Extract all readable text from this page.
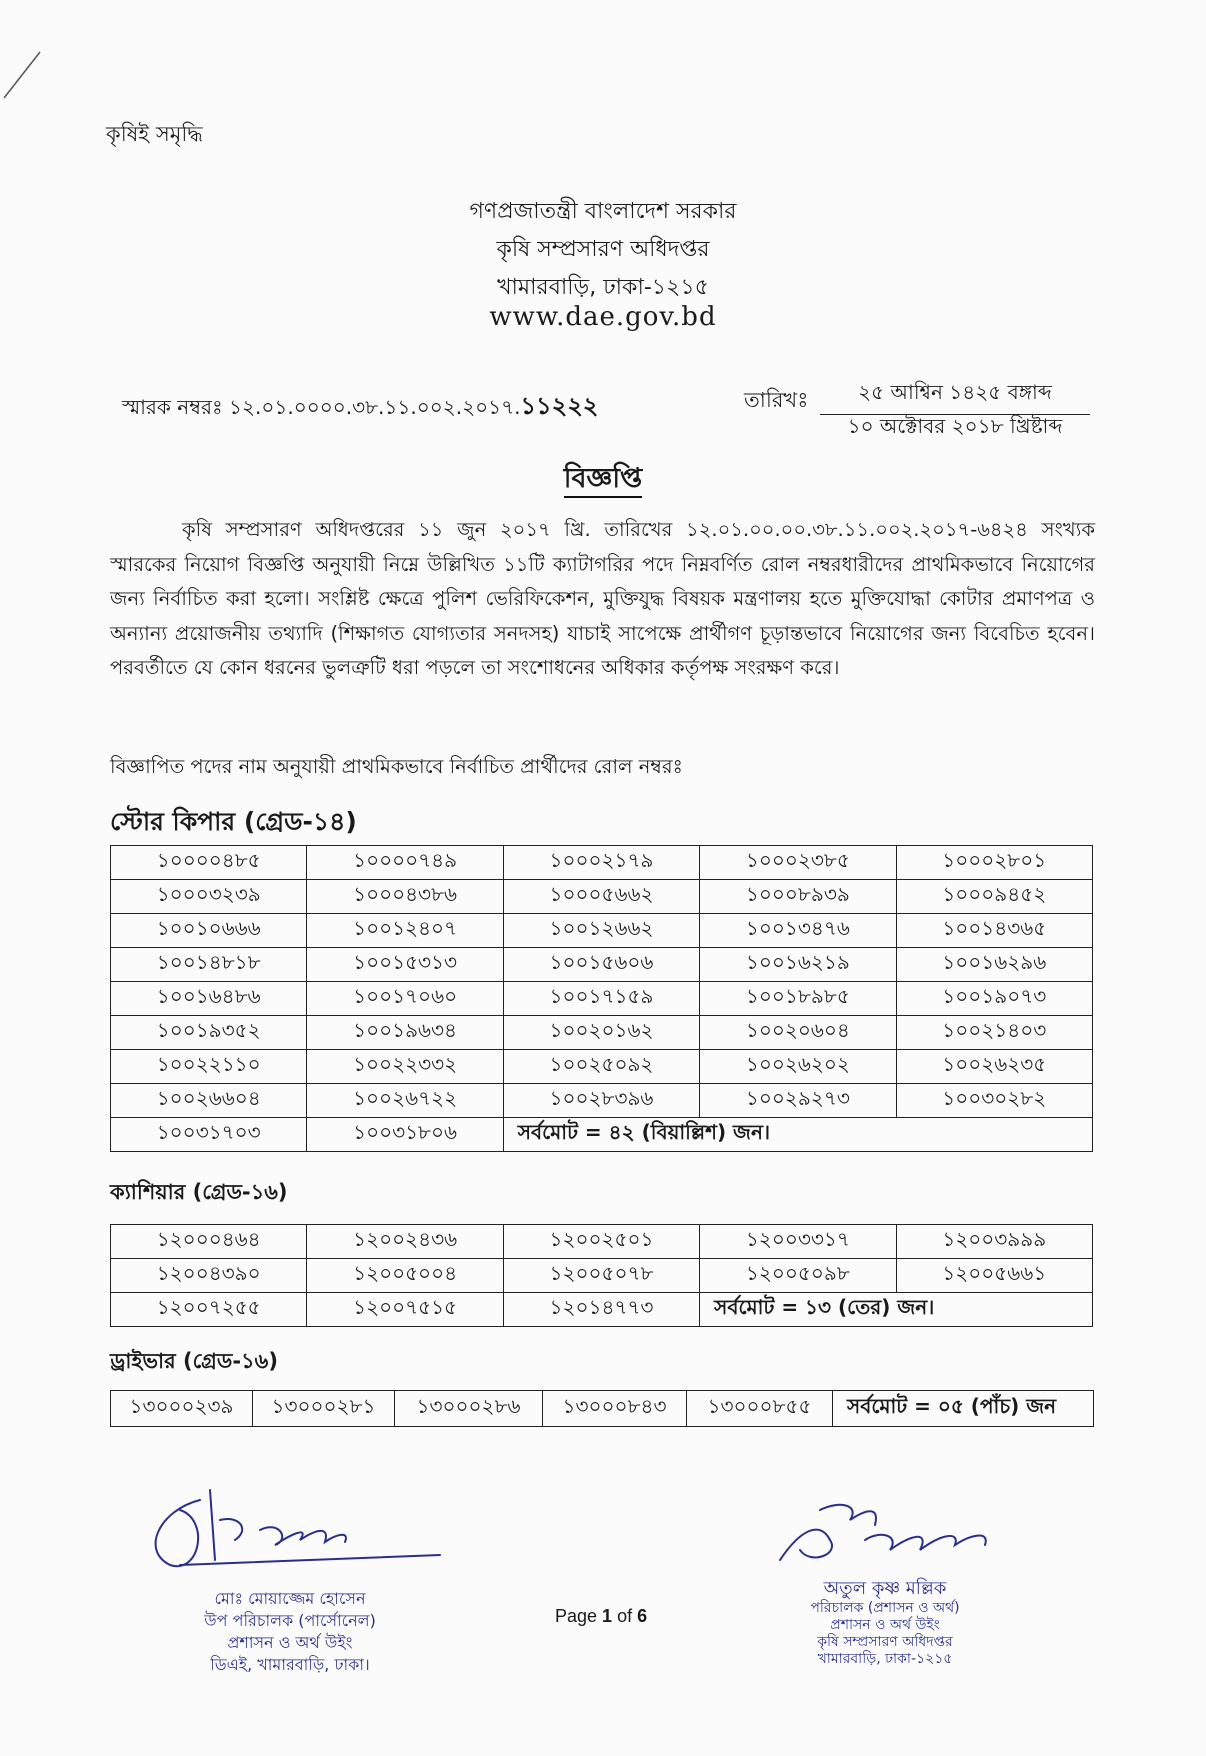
কৃষিই সমৃদ্ধি
গণপ্রজাতন্ত্রী বাংলাদেশ সরকার
কৃষি সম্প্রসারণ অধিদপ্তর
খামারবাড়ি, ঢাকা-১২১৫
www.dae.gov.bd
স্মারক নম্বরঃ ১২.০১.০০০০.৩৮.১১.০০২.২০১৭.১১২২২	তারিখঃ	২৫ আশ্বিন ১৪২৫ বঙ্গাব্দ
১০ অক্টোবর ২০১৮ খ্রিষ্টাব্দ
বিজ্ঞপ্তি
কৃষি সম্প্রসারণ অধিদপ্তরের ১১ জুন ২০১৭ খ্রি. তারিখের ১২.০১.০০.০০.৩৮.১১.০০২.২০১৭-৬৪২৪ সংখ্যক স্মারকের নিয়োগ বিজ্ঞপ্তি অনুযায়ী নিম্নে উল্লিখিত ১১টি ক্যাটাগরির পদে নিম্নবর্ণিত রোল নম্বরধারীদের প্রাথমিকভাবে নিয়োগের জন্য নির্বাচিত করা হলো। সংশ্লিষ্ট ক্ষেত্রে পুলিশ ভেরিফিকেশন, মুক্তিযুদ্ধ বিষয়ক মন্ত্রণালয় হতে মুক্তিযোদ্ধা কোটার প্রমাণপত্র ও অন্যান্য প্রয়োজনীয় তথ্যাদি (শিক্ষাগত যোগ্যতার সনদসহ) যাচাই সাপেক্ষে প্রার্থীগণ চূড়ান্তভাবে নিয়োগের জন্য বিবেচিত হবেন। পরবর্তীতে যে কোন ধরনের ভুলত্রুটি ধরা পড়লে তা সংশোধনের অধিকার কর্তৃপক্ষ সংরক্ষণ করে।
বিজ্ঞাপিত পদের নাম অনুযায়ী প্রাথমিকভাবে নির্বাচিত প্রার্থীদের রোল নম্বরঃ
স্টোর কিপার (গ্রেড-১৪)
১০০০০৪৮৫	১০০০০৭৪৯	১০০০২১৭৯	১০০০২৩৮৫	১০০০২৮০১
১০০০৩২৩৯	১০০০৪৩৮৬	১০০০৫৬৬২	১০০০৮৯৩৯	১০০০৯৪৫২
১০০১০৬৬৬	১০০১২৪০৭	১০০১২৬৬২	১০০১৩৪৭৬	১০০১৪৩৬৫
১০০১৪৮১৮	১০০১৫৩১৩	১০০১৫৬০৬	১০০১৬২১৯	১০০১৬২৯৬
১০০১৬৪৮৬	১০০১৭০৬০	১০০১৭১৫৯	১০০১৮৯৮৫	১০০১৯০৭৩
১০০১৯৩৫২	১০০১৯৬৩৪	১০০২০১৬২	১০০২০৬০৪	১০০২১৪০৩
১০০২২১১০	১০০২২৩৩২	১০০২৫০৯২	১০০২৬২০২	১০০২৬২৩৫
১০০২৬৬০৪	১০০২৬৭২২	১০০২৮৩৯৬	১০০২৯২৭৩	১০০৩০২৮২
১০০৩১৭০৩	১০০৩১৮০৬	সর্বমোট = ৪২ (বিয়াল্লিশ) জন।		
ক্যাশিয়ার (গ্রেড-১৬)
১২০০০৪৬৪	১২০০২৪৩৬	১২০০২৫০১	১২০০৩৩১৭	১২০০৩৯৯৯
১২০০৪৩৯০	১২০০৫০০৪	১২০০৫০৭৮	১২০০৫০৯৮	১২০০৫৬৬১
১২০০৭২৫৫	১২০০৭৫১৫	১২০১৪৭৭৩	সর্বমোট = ১৩ (তের) জন।	
ড্রাইভার (গ্রেড-১৬)
১৩০০০২৩৯	১৩০০০২৮১	১৩০০০২৮৬	১৩০০০৮৪৩	১৩০০০৮৫৫	সর্বমোট = ০৫ (পাঁচ) জন
মোঃ মোয়াজ্জেম হোসেন
উপ পরিচালক (পার্সোনেল)
প্রশাসন ও অর্থ উইং
ডিএই, খামারবাড়ি, ঢাকা।
অতুল কৃষ্ণ মল্লিক
পরিচালক (প্রশাসন ও অর্থ)
প্রশাসন ও অর্থ উইং
কৃষি সম্প্রসারণ অধিদপ্তর
খামারবাড়ি, ঢাকা-১২১৫
Page 1 of 6
